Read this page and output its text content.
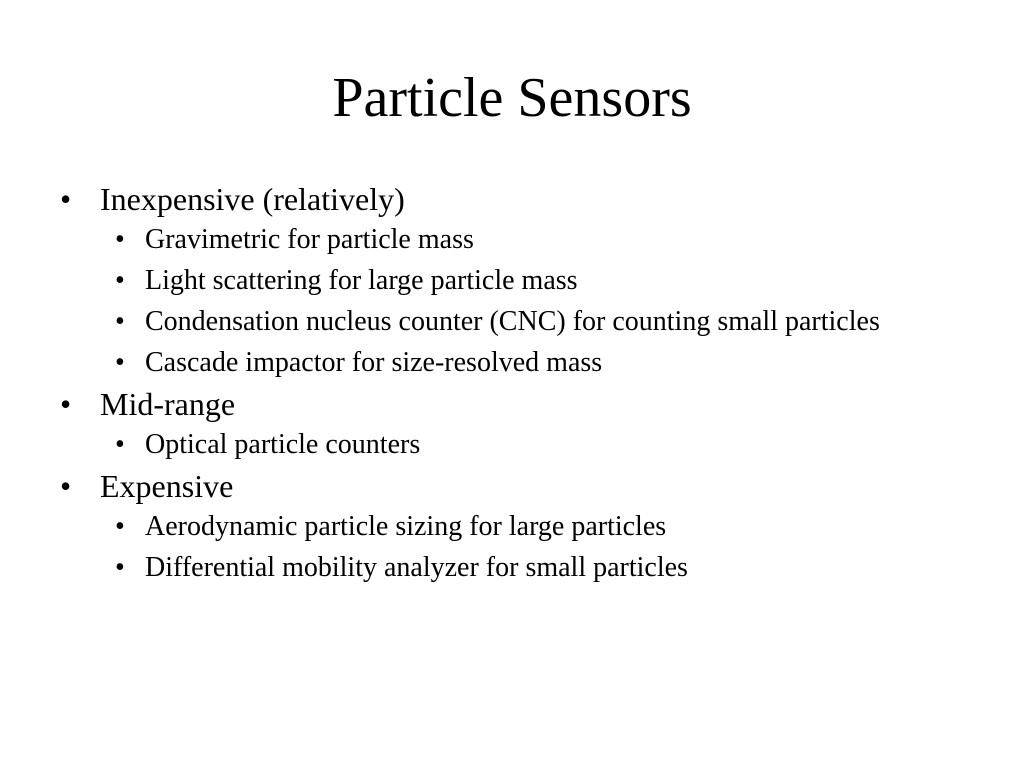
Particle Sensors

• Inexpensive (relatively)

• Gravimetric for particle mass

• Light scattering for large particle mass

• Condensation nucleus counter (CNC) for counting small particles

• Cascade impactor for size-resolved mass

• Mid-range

• Optical particle counters

• Expensive

• Aerodynamic particle sizing for large particles

• Differential mobility analyzer for small particles
